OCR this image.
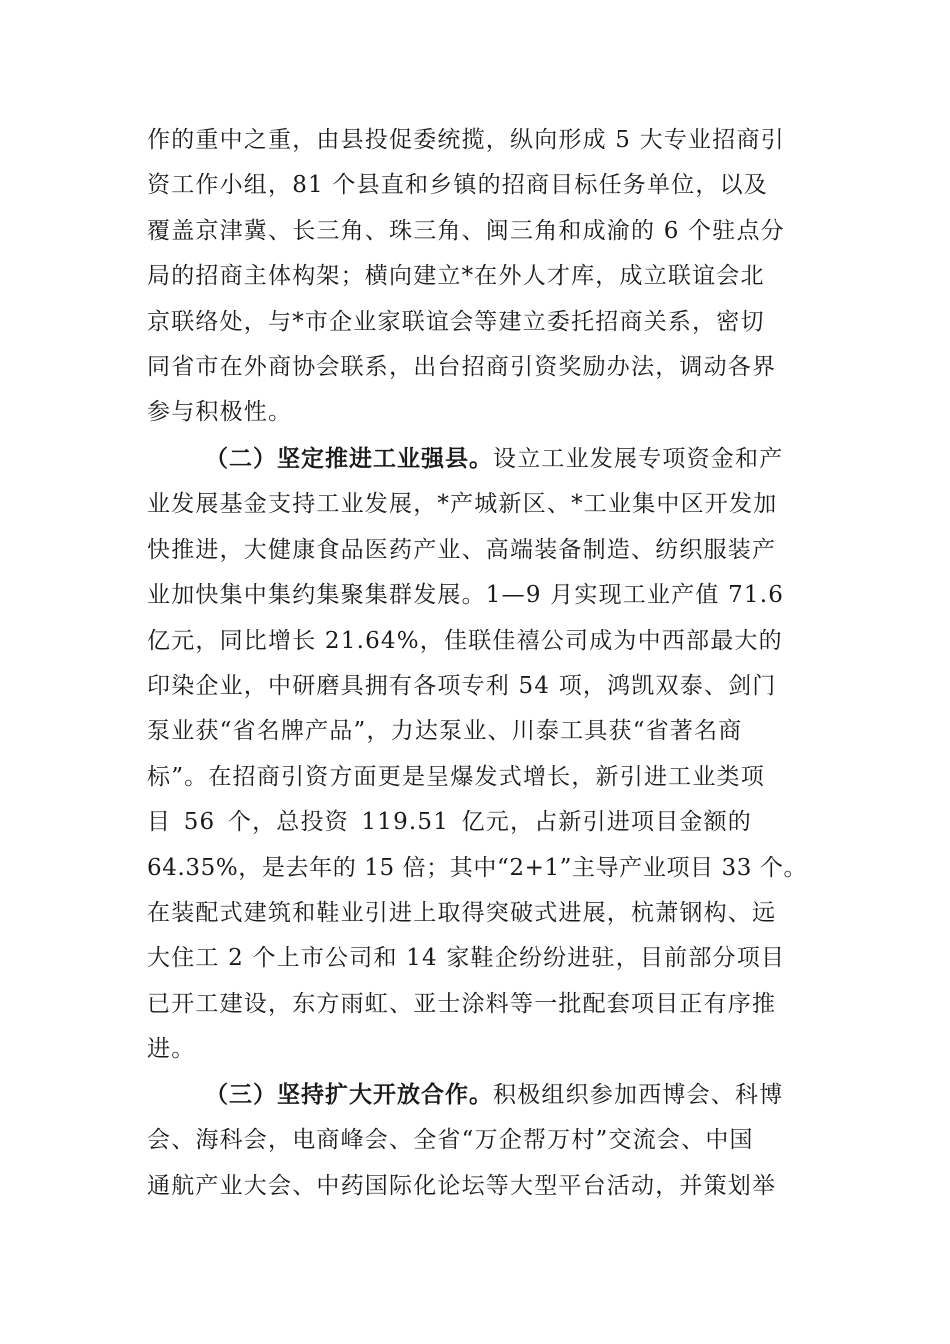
作的重中之重，由县投促委统揽，纵向形成 5 大专业招商引
资工作小组，81 个县直和乡镇的招商目标任务单位，以及
覆盖京津冀、长三角、珠三角、闽三角和成渝的 6 个驻点分
局的招商主体构架；横向建立*在外人才库，成立联谊会北
京联络处，与*市企业家联谊会等建立委托招商关系，密切
同省市在外商协会联系，出台招商引资奖励办法，调动各界
参与积极性。
（二）坚定推进工业强县。设立工业发展专项资金和产
业发展基金支持工业发展，*产城新区、*工业集中区开发加
快推进，大健康食品医药产业、高端装备制造、纺织服装产
业加快集中集约集聚集群发展。1—9 月实现工业产值 71.6
亿元，同比增长 21.64%，佳联佳禧公司成为中西部最大的
印染企业，中研磨具拥有各项专利 54 项，鸿凯双泰、剑门
泵业获“省名牌产品”，力达泵业、川泰工具获“省著名商
标”。在招商引资方面更是呈爆发式增长，新引进工业类项
目 56 个，总投资 119.51 亿元，占新引进项目金额的
64.35%，是去年的 15 倍；其中“2+1”主导产业项目 33 个。
在装配式建筑和鞋业引进上取得突破式进展，杭萧钢构、远
大住工 2 个上市公司和 14 家鞋企纷纷进驻，目前部分项目
已开工建设，东方雨虹、亚士涂料等一批配套项目正有序推
进。
（三）坚持扩大开放合作。积极组织参加西博会、科博
会、海科会，电商峰会、全省“万企帮万村”交流会、中国
通航产业大会、中药国际化论坛等大型平台活动，并策划举
